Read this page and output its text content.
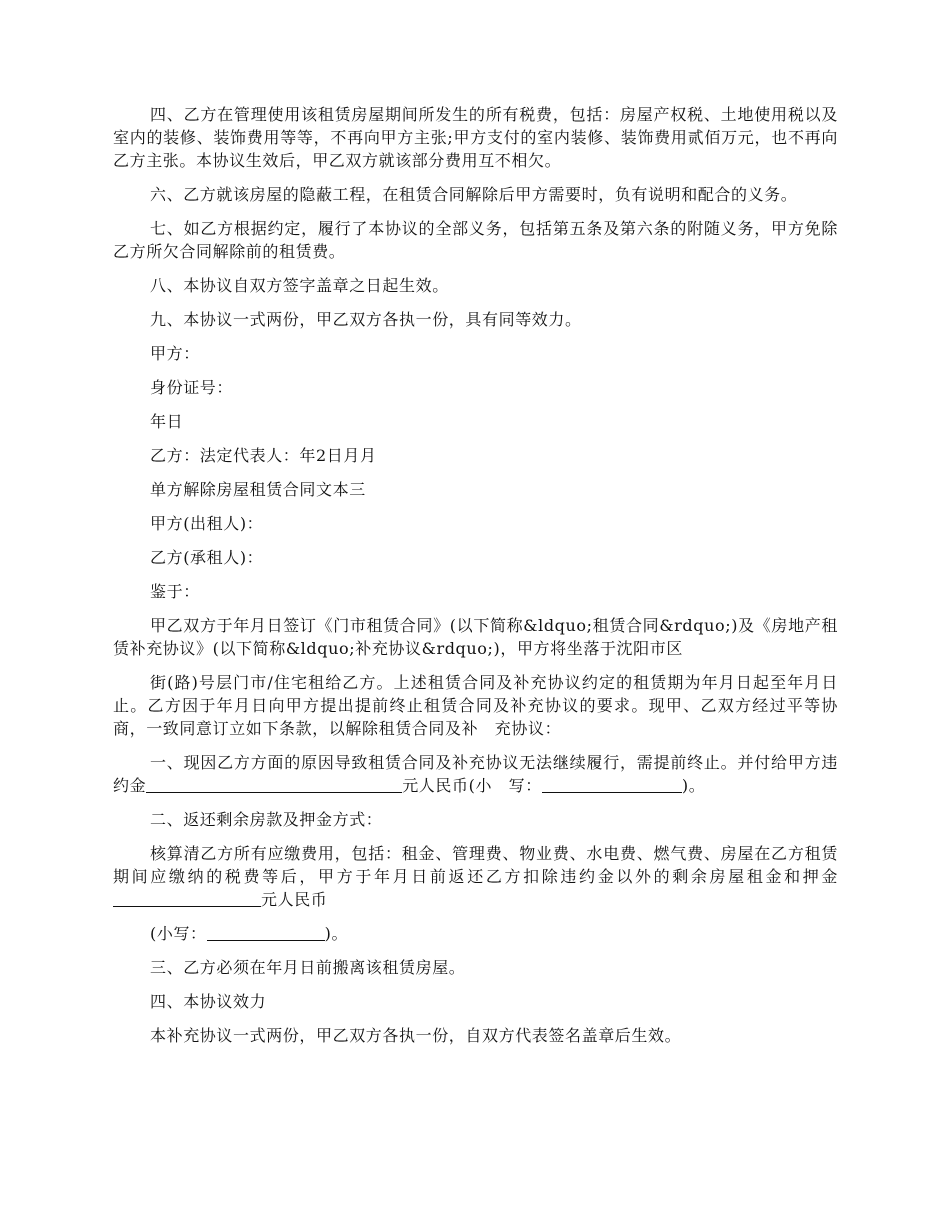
四、乙方在管理使用该租赁房屋期间所发生的所有税费，包括：房屋产权税、土地使用税以及室内的装修、装饰费用等等，不再向甲方主张;甲方支付的室内装修、装饰费用贰佰万元，也不再向乙方主张。本协议生效后，甲乙双方就该部分费用互不相欠。

六、乙方就该房屋的隐蔽工程，在租赁合同解除后甲方需要时，负有说明和配合的义务。

七、如乙方根据约定，履行了本协议的全部义务，包括第五条及第六条的附随义务，甲方免除乙方所欠合同解除前的租赁费。

八、本协议自双方签字盖章之日起生效。

九、本协议一式两份，甲乙双方各执一份，具有同等效力。

甲方：

身份证号：

年日

乙方：法定代表人：年2日月月

单方解除房屋租赁合同文本三

甲方(出租人)：

乙方(承租人)：

鉴于：

甲乙双方于年月日签订《门市租赁合同》(以下简称&ldquo;租赁合同&rdquo;)及《房地产租赁补充协议》(以下简称&ldquo;补充协议&rdquo;)，甲方将坐落于沈阳市区

街(路)号层门市/住宅租给乙方。上述租赁合同及补充协议约定的租赁期为年月日起至年月日止。乙方因于年月日向甲方提出提前终止租赁合同及补充协议的要求。现甲、乙双方经过平等协商，一致同意订立如下条款，以解除租赁合同及补　充协议：

一、现因乙方方面的原因导致租赁合同及补充协议无法继续履行，需提前终止。并付给甲方违约金	元人民币(小　写：	)。

二、返还剩余房款及押金方式：

核算清乙方所有应缴费用，包括：租金、管理费、物业费、水电费、燃气费、房屋在乙方租赁期间应缴纳的税费等后，甲方于年月日前返还乙方扣除违约金以外的剩余房屋租金和押金元人民币

(小写：	)。

三、乙方必须在年月日前搬离该租赁房屋。

四、本协议效力

本补充协议一式两份，甲乙双方各执一份，自双方代表签名盖章后生效。
